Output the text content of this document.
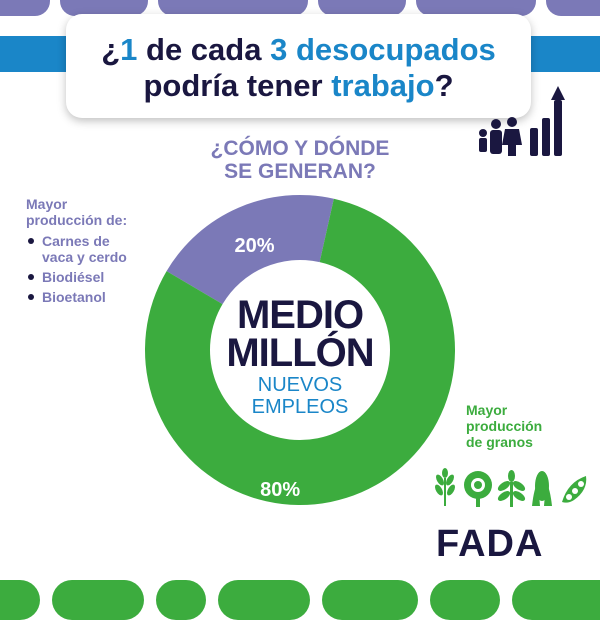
¿1 de cada 3 desocupados
podría tener trabajo?
¿CÓMO Y DÓNDE
SE GENERAN?
Mayor
producción de:
Carnes de
vaca y cerdo
Biodiésel
Bioetanol
20%
80%
MEDIO
MILLÓN
NUEVOS
EMPLEOS	Mayor
producción
de granos
FADA
